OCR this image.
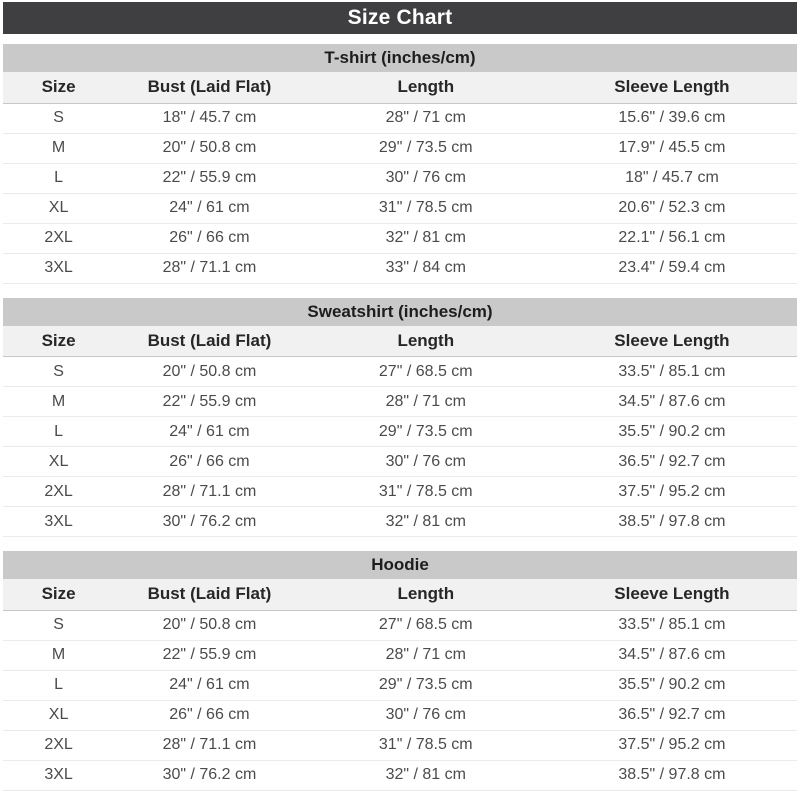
Size Chart
T-shirt (inches/cm)
Size	Bust (Laid Flat)	Length	Sleeve Length
S	18" / 45.7 cm	28" / 71 cm	15.6" / 39.6 cm
M	20" / 50.8 cm	29" / 73.5 cm	17.9" / 45.5 cm
L	22" / 55.9 cm	30" / 76 cm	18" / 45.7 cm
XL	24" / 61 cm	31" / 78.5 cm	20.6" / 52.3 cm
2XL	26" / 66 cm	32" / 81 cm	22.1" / 56.1 cm
3XL	28" / 71.1 cm	33" / 84 cm	23.4" / 59.4 cm
Sweatshirt (inches/cm)
Size	Bust (Laid Flat)	Length	Sleeve Length
S	20" / 50.8 cm	27" / 68.5 cm	33.5" / 85.1 cm
M	22" / 55.9 cm	28" / 71 cm	34.5" / 87.6 cm
L	24" / 61 cm	29" / 73.5 cm	35.5" / 90.2 cm
XL	26" / 66 cm	30" / 76 cm	36.5" / 92.7 cm
2XL	28" / 71.1 cm	31" / 78.5 cm	37.5" / 95.2 cm
3XL	30" / 76.2 cm	32" / 81 cm	38.5" / 97.8 cm
Hoodie
Size	Bust (Laid Flat)	Length	Sleeve Length
S	20" / 50.8 cm	27" / 68.5 cm	33.5" / 85.1 cm
M	22" / 55.9 cm	28" / 71 cm	34.5" / 87.6 cm
L	24" / 61 cm	29" / 73.5 cm	35.5" / 90.2 cm
XL	26" / 66 cm	30" / 76 cm	36.5" / 92.7 cm
2XL	28" / 71.1 cm	31" / 78.5 cm	37.5" / 95.2 cm
3XL	30" / 76.2 cm	32" / 81 cm	38.5" / 97.8 cm
